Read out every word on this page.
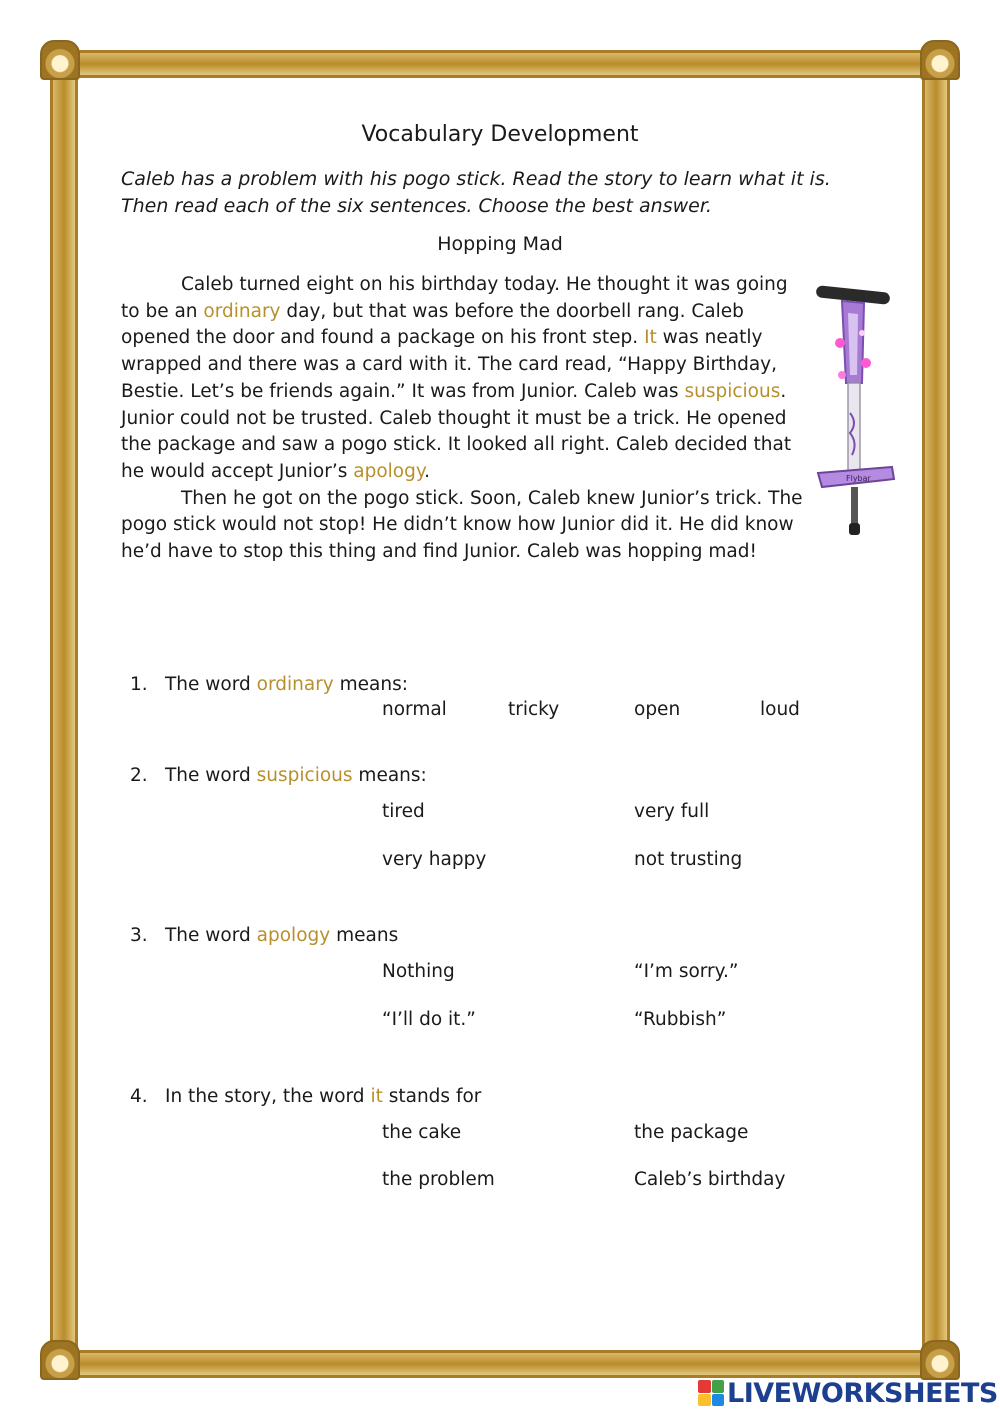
Vocabulary Development
Caleb has a problem with his pogo stick. Read the story to learn what it is.
Then read each of the six sentences. Choose the best answer.
Hopping Mad

Caleb turned eight on his birthday today. He thought it was going to be an ordinary day, but that was before the doorbell rang. Caleb opened the door and found a package on his front step. It was neatly wrapped and there was a card with it. The card read, “Happy Birthday, Bestie. Let’s be friends again.” It was from Junior. Caleb was suspicious. Junior could not be trusted. Caleb thought it must be a trick. He opened the package and saw a pogo stick. It looked all right. Caleb decided that he would accept Junior’s apology.

Then he got on the pogo stick. Soon, Caleb knew Junior’s trick. The pogo stick would not stop! He didn’t know how Junior did it. He did know he’d have to stop this thing and find Junior. Caleb was hopping mad!

Flybar
1. The word ordinary means:
normal	tricky	open	loud
2. The word suspicious means:
tired	very full
very happy	not trusting
3. The word apology means
Nothing	“I’m sorry.”
“I’ll do it.”	“Rubbish”
4. In the story, the word it stands for
the cake	the package
the problem	Caleb’s birthday
LIVEWORKSHEETS
